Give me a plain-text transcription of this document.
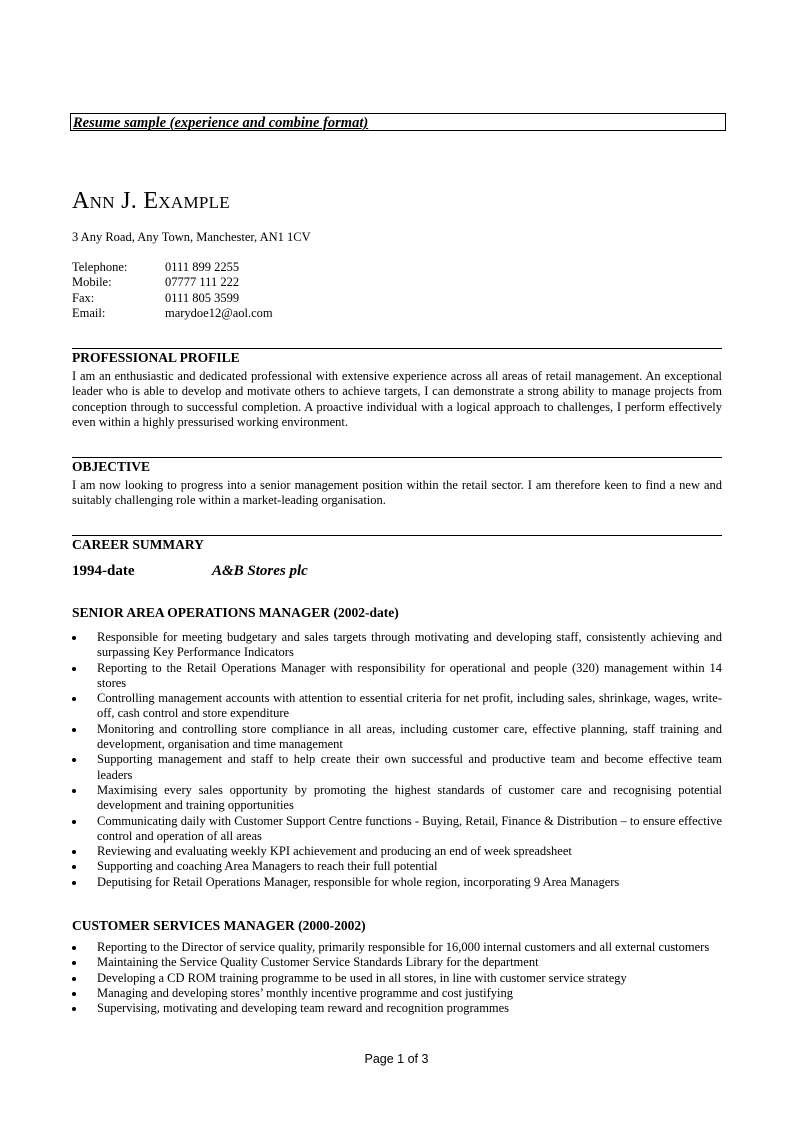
Resume sample (experience and combine format)
Ann J. Example
3 Any Road, Any Town, Manchester, AN1 1CV
Telephone:	0111 899 2255
Mobile:	07777 111 222
Fax:	0111 805 3599
Email:	marydoe12@aol.com
PROFESSIONAL PROFILE
I am an enthusiastic and dedicated professional with extensive experience across all areas of retail management. An exceptional leader who is able to develop and motivate others to achieve targets, I can demonstrate a strong ability to manage projects from conception through to successful completion. A proactive individual with a logical approach to challenges, I perform effectively even within a highly pressurised working environment.
OBJECTIVE
I am now looking to progress into a senior management position within the retail sector. I am therefore keen to find a new and suitably challenging role within a market-leading organisation.
CAREER SUMMARY
1994-date	A&B Stores plc
SENIOR AREA OPERATIONS MANAGER (2002-date)
Responsible for meeting budgetary and sales targets through motivating and developing staff, consistently achieving and surpassing Key Performance Indicators
Reporting to the Retail Operations Manager with responsibility for operational and people (320) management within 14 stores
Controlling management accounts with attention to essential criteria for net profit, including sales, shrinkage, wages, write-off, cash control and store expenditure
Monitoring and controlling store compliance in all areas, including customer care, effective planning, staff training and development, organisation and time management
Supporting management and staff to help create their own successful and productive team and become effective team leaders
Maximising every sales opportunity by promoting the highest standards of customer care and recognising potential development and training opportunities
Communicating daily with Customer Support Centre functions - Buying, Retail, Finance & Distribution – to ensure effective control and operation of all areas
Reviewing and evaluating weekly KPI achievement and producing an end of week spreadsheet
Supporting and coaching Area Managers to reach their full potential
Deputising for Retail Operations Manager, responsible for whole region, incorporating 9 Area Managers
CUSTOMER SERVICES MANAGER (2000-2002)
Reporting to the Director of service quality, primarily responsible for 16,000 internal customers and all external customers
Maintaining the Service Quality Customer Service Standards Library for the department
Developing a CD ROM training programme to be used in all stores, in line with customer service strategy
Managing and developing stores’ monthly incentive programme and cost justifying
Supervising, motivating and developing team reward and recognition programmes
Page 1 of 3
